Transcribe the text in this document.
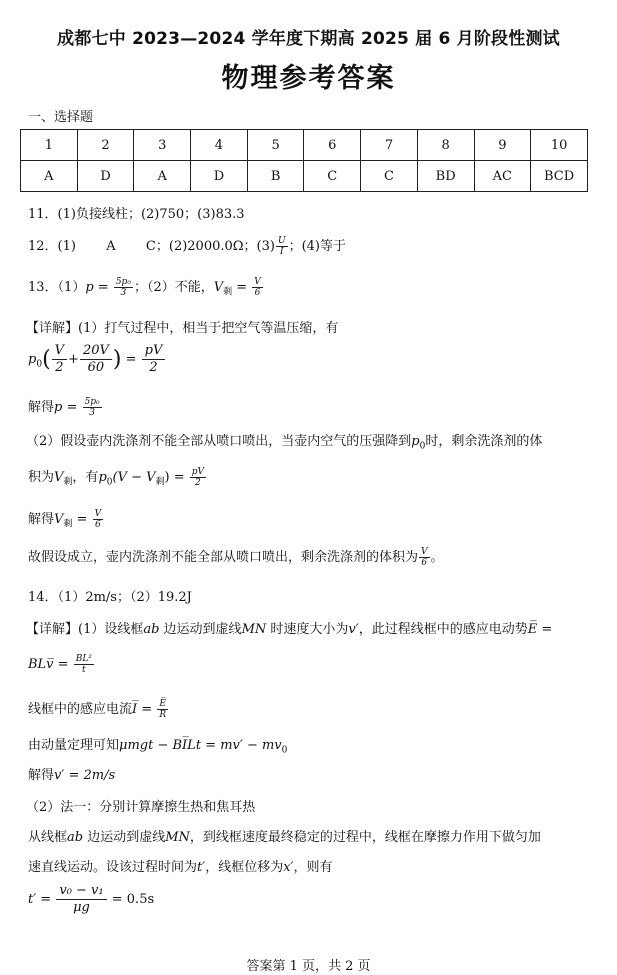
成都七中 2023—2024 学年度下期高 2025 届 6 月阶段性测试
物理参考答案
一、选择题
1	2	3	4	5	6	7	8	9	10
A	D	A	D	B	C	C	BD	AC	BCD
11．(1)负接线柱；(2)750；(3)83.3
12．(1) A C；(2)2000.0Ω；$(3) \frac{U}{I}$ ；(4)等于
13．$(1)p = \frac{\text{5p₀}}{3}$ ；（2）不能，$V_剩 = \frac{V}{6}$
【详解】(1）打气过程中，相当于把空气等温压缩，有
$p_0( \frac{V}{2} + \frac{20V}{60}$ ) = $\frac{pV}{2}$
解得$p = \frac{\text{5p₀}}{3}$
（2）假设壶内洗涤剂不能全部从喷口喷出，当壶内空气的压强降到$p_0$时，剩余洗涤剂的体
积为$V_剩$，有$p_0(V - V_剩) = \frac{pV}{2}$
解得$V_剩 = \frac{V}{6}$
故假设成立，壶内洗涤剂不能全部从喷口喷出，剩余洗涤剂的体积为 $\frac{V}{6}$ 。
14．（1）2m/s；（2）19.2J
【详解】(1）设线框ab 边运动到虚线MN 时速度大小为v′，此过程线框中的感应电动势E̅ =
BLv̅ = $\frac{\text{BL²}}{t}$
线框中的感应电流I̅ = $\frac{E̅}{R}$
由动量定理可知μmgt − BI̅Lt = $mv' - mv_0$
解得v′ = 2m/s
（2）法一：分别计算摩擦生热和焦耳热
从线框ab 边运动到虚线MN，到线框速度最终稳定的过程中，线框在摩擦力作用下做匀加
速直线运动。设该过程时间为t′，线框位移为x′，则有
$t' = \frac{\text{v₀ − v₁}}{\mu g} = 0.5s$
答案第 1 页，共 2 页
